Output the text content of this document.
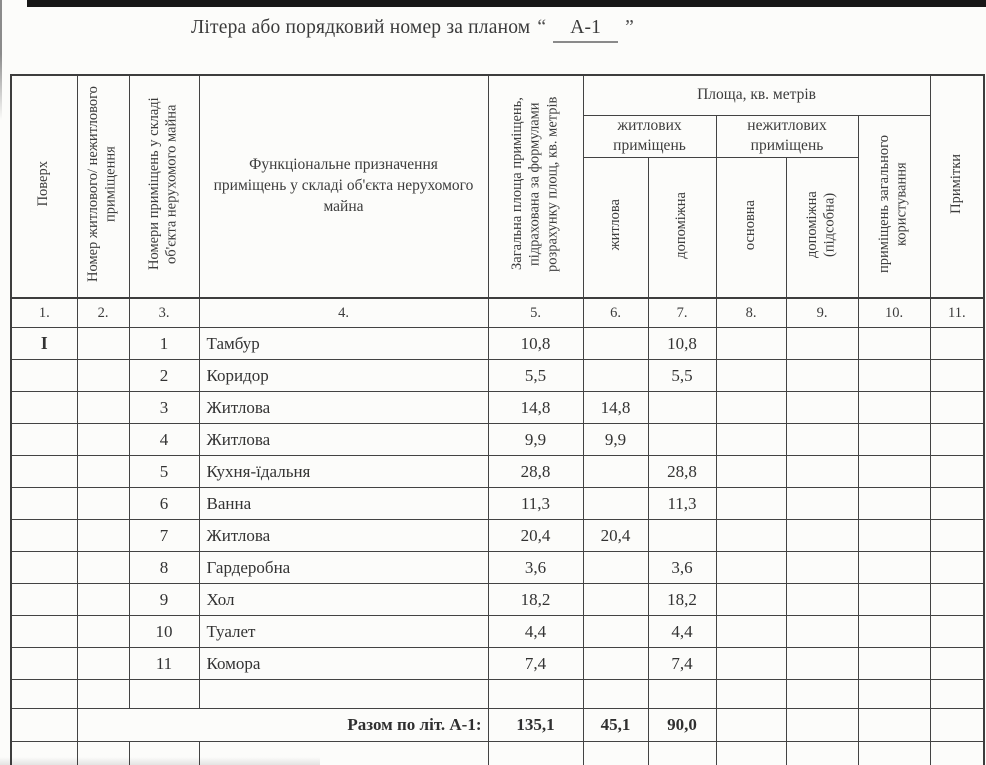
Літера або порядковий номер за планом “ А-1 ”
Поверх	Номер житлового/ нежитлового приміщення	Номери приміщень у складі об'єкта нерухомого майна	Функціональне призначення приміщень у складі об'єкта нерухомого майна	Загальна площа приміщень, підрахована за формулами розрахунку площ, кв. метрів	Площа, кв. метрів					Примітки
					житлових приміщень		нежитлових приміщень		приміщень загального користування	
					житлова	допоміжна	основна	допоміжна (підсобна)		
1.	2.	3.	4.	5.	6.	7.	8.	9.	10.	11.
I		1	Тамбур	10,8		10,8				
		2	Коридор	5,5		5,5				
		3	Житлова	14,8	14,8					
		4	Житлова	9,9	9,9					
		5	Кухня-їдальня	28,8		28,8				
		6	Ванна	11,3		11,3				
		7	Житлова	20,4	20,4					
		8	Гардеробна	3,6		3,6				
		9	Хол	18,2		18,2				
		10	Туалет	4,4		4,4				
		11	Комора	7,4		7,4				

	Разом по літ. А-1:			135,1	45,1	90,0				
